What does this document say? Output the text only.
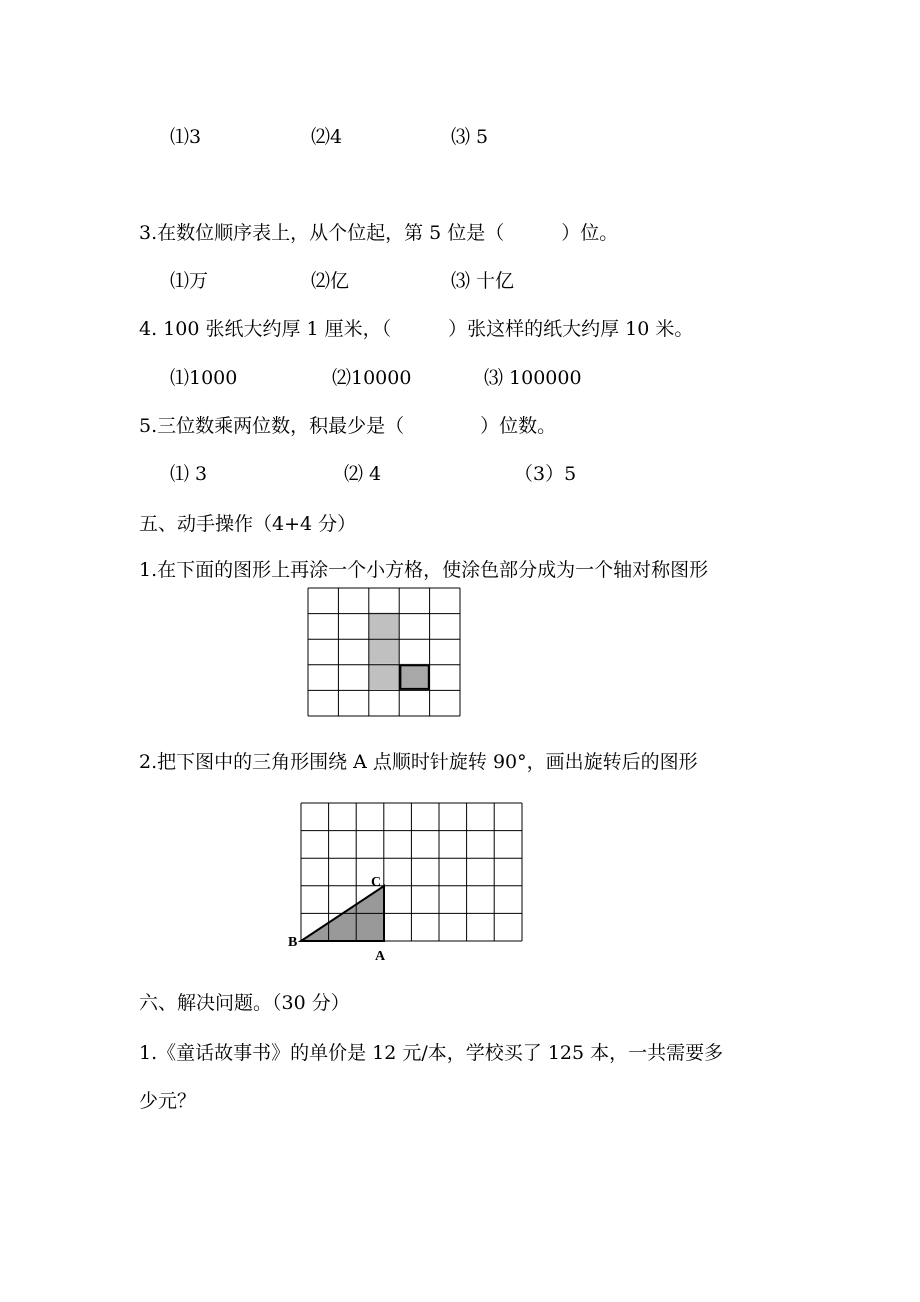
⑴3	⑵4	⑶ 5
3.在数位顺序表上，从个位起，第 5 位是（　　　）位。
⑴万	⑵亿	⑶ 十亿
4. 100 张纸大约厚 1 厘米，（　　　）张这样的纸大约厚 10 米。
⑴1000	⑵10000	⑶ 100000
5.三位数乘两位数，积最少是（　　　　）位数。
⑴ 3	⑵ 4	（3）5
五、动手操作（4+4 分）
1.在下面的图形上再涂一个小方格，使涂色部分成为一个轴对称图形
2.把下图中的三角形围绕 A 点顺时针旋转 90°，画出旋转后的图形
C
B
A
六、解决问题。（30 分）
1.《童话故事书》的单价是 12 元/本，学校买了 125 本，一共需要多
少元？
